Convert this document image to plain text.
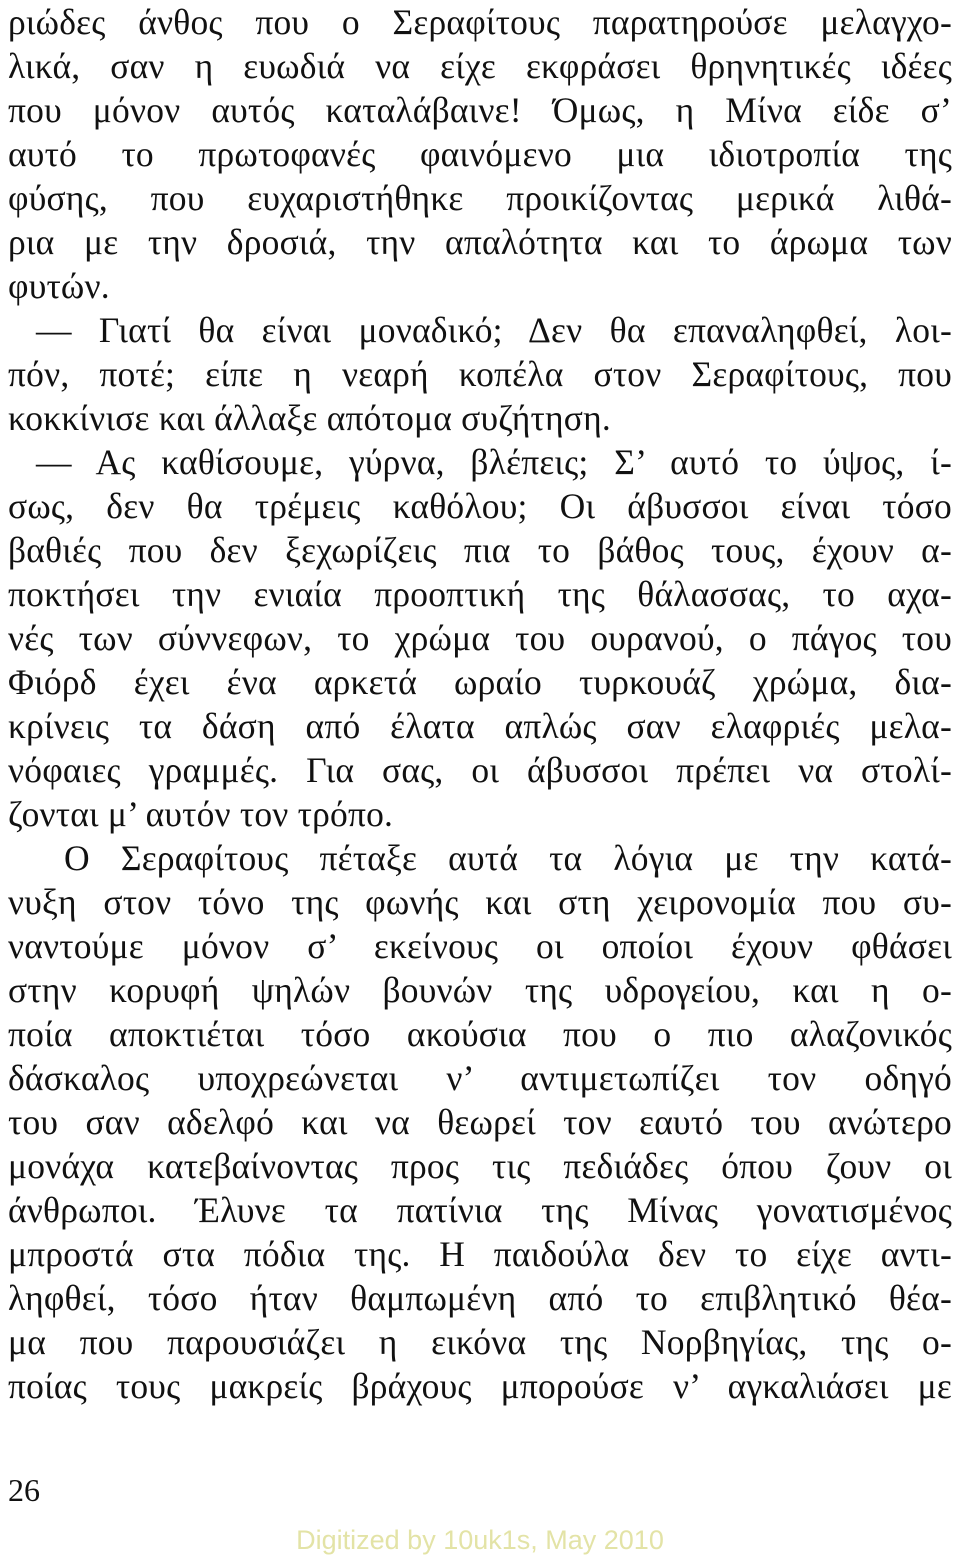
ριώδες άνθος που ο Σεραφίτους παρατηρούσε μελαγχο-
λικά, σαν η ευωδιά να είχε εκφράσει θρηνητικές ιδέες
που μόνον αυτός καταλάβαινε! Όμως, η Μίνα είδε σ’
αυτό το πρωτοφανές φαινόμενο μια ιδιοτροπία της
φύσης, που ευχαριστήθηκε προικίζοντας μερικά λιθά-
ρια με την δροσιά, την απαλότητα και το άρωμα των
φυτών.
— Γιατί θα είναι μοναδικό; Δεν θα επαναληφθεί, λοι-
πόν, ποτέ; είπε η νεαρή κοπέλα στον Σεραφίτους, που
κοκκίνισε και άλλαξε απότομα συζήτηση.
— Ας καθίσουμε, γύρνα, βλέπεις; Σ’ αυτό το ύψος, ί-
σως, δεν θα τρέμεις καθόλου; Οι άβυσσοι είναι τόσο
βαθιές που δεν ξεχωρίζεις πια το βάθος τους, έχουν α-
ποκτήσει την ενιαία προοπτική της θάλασσας, το αχα-
νές των σύννεφων, το χρώμα του ουρανού, ο πάγος του
Φιόρδ έχει ένα αρκετά ωραίο τυρκουάζ χρώμα, δια-
κρίνεις τα δάση από έλατα απλώς σαν ελαφριές μελα-
νόφαιες γραμμές. Για σας, οι άβυσσοι πρέπει να στολί-
ζονται μ’ αυτόν τον τρόπο.
Ο Σεραφίτους πέταξε αυτά τα λόγια με την κατά-
νυξη στον τόνο της φωνής και στη χειρονομία που συ-
ναντούμε μόνον σ’ εκείνους οι οποίοι έχουν φθάσει
στην κορυφή ψηλών βουνών της υδρογείου, και η ο-
ποία αποκτιέται τόσο ακούσια που ο πιο αλαζονικός
δάσκαλος υποχρεώνεται ν’ αντιμετωπίζει τον οδηγό
του σαν αδελφό και να θεωρεί τον εαυτό του ανώτερο
μονάχα κατεβαίνοντας προς τις πεδιάδες όπου ζουν οι
άνθρωποι. Έλυνε τα πατίνια της Μίνας γονατισμένος
μπροστά στα πόδια της. Η παιδούλα δεν το είχε αντι-
ληφθεί, τόσο ήταν θαμπωμένη από το επιβλητικό θέα-
μα που παρουσιάζει η εικόνα της Νορβηγίας, της ο-
ποίας τους μακρείς βράχους μπορούσε ν’ αγκαλιάσει με
26
Digitized by 10uk1s, May 2010
